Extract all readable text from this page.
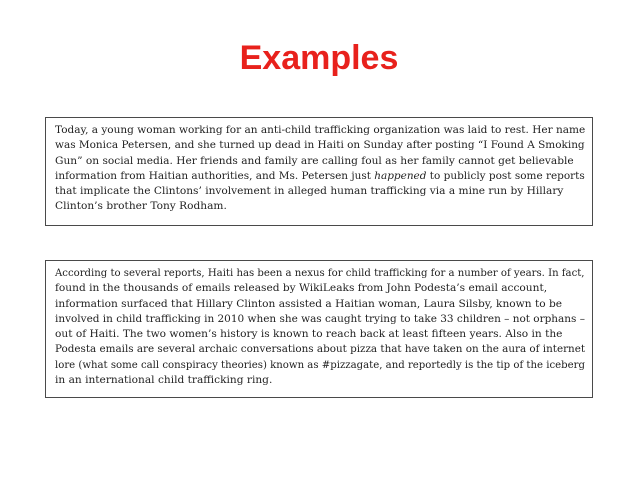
Examples

Today, a young woman working for an anti-child trafficking organization was laid to rest. Her name
was Monica Petersen, and she turned up dead in Haiti on Sunday after posting “I Found A Smoking
Gun” on social media. Her friends and family are calling foul as her family cannot get believable
information from Haitian authorities, and Ms. Petersen just happened to publicly post some reports
that implicate the Clintons’ involvement in alleged human trafficking via a mine run by Hillary
Clinton’s brother Tony Rodham.

According to several reports, Haiti has been a nexus for child trafficking for a number of years. In fact,
found in the thousands of emails released by WikiLeaks from John Podesta’s email account,
information surfaced that Hillary Clinton assisted a Haitian woman, Laura Silsby, known to be
involved in child trafficking in 2010 when she was caught trying to take 33 children – not orphans –
out of Haiti. The two women’s history is known to reach back at least fifteen years. Also in the
Podesta emails are several archaic conversations about pizza that have taken on the aura of internet
lore (what some call conspiracy theories) known as #pizzagate, and reportedly is the tip of the iceberg
in an international child trafficking ring.
